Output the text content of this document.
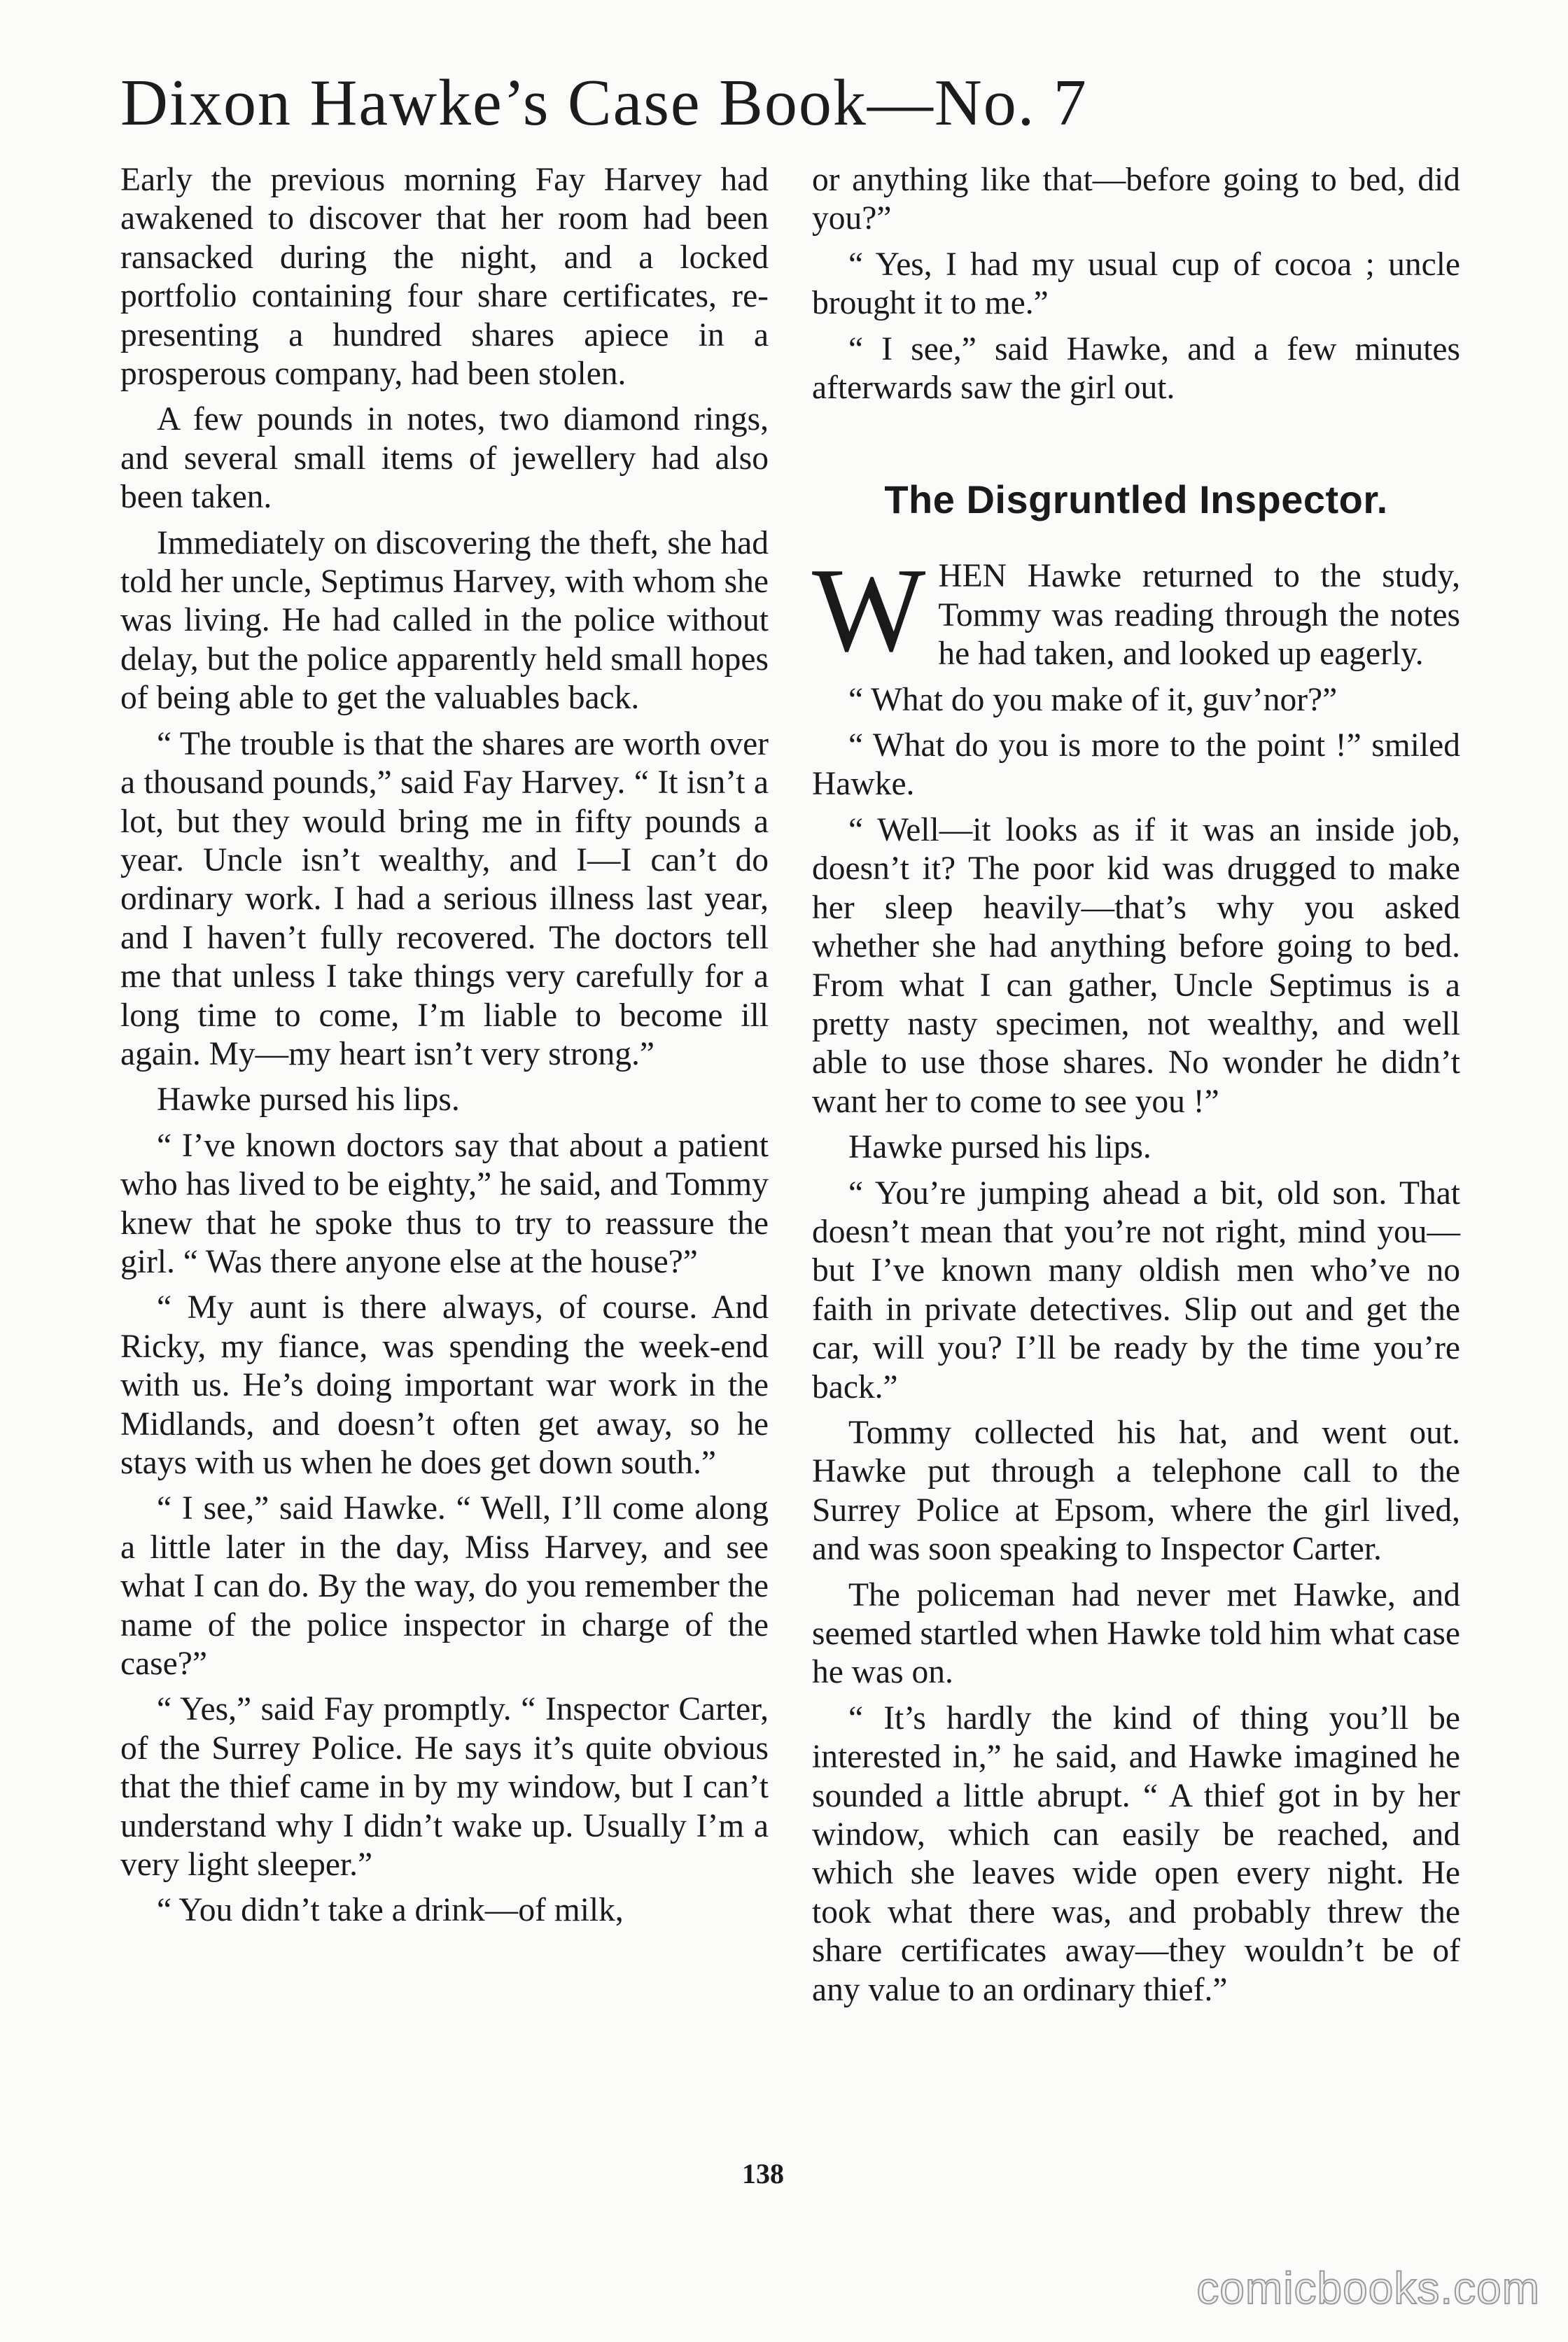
Dixon Hawke’s Case Book—No. 7

Early the previous morning Fay Harvey had awakened to discover that her room had been ransacked during the night, and a locked portfolio containing four share certificates, representing a hundred shares apiece in a prosperous company, had been stolen.

A few pounds in notes, two diamond rings, and several small items of jewellery had also been taken.

Immediately on discovering the theft, she had told her uncle, Septimus Harvey, with whom she was living. He had called in the police without delay, but the police apparently held small hopes of being able to get the valuables back.

“ The trouble is that the shares are worth over a thousand pounds,” said Fay Harvey. “ It isn’t a lot, but they would bring me in fifty pounds a year. Uncle isn’t wealthy, and I—I can’t do ordinary work. I had a serious illness last year, and I haven’t fully recovered. The doctors tell me that unless I take things very carefully for a long time to come, I’m liable to become ill again. My—my heart isn’t very strong.”

Hawke pursed his lips.

“ I’ve known doctors say that about a patient who has lived to be eighty,” he said, and Tommy knew that he spoke thus to try to reassure the girl. “ Was there anyone else at the house?”

“ My aunt is there always, of course. And Ricky, my fiance, was spending the week-end with us. He’s doing important war work in the Midlands, and doesn’t often get away, so he stays with us when he does get down south.”

“ I see,” said Hawke. “ Well, I’ll come along a little later in the day, Miss Harvey, and see what I can do. By the way, do you remember the name of the police inspector in charge of the case?”

“ Yes,” said Fay promptly. “ Inspector Carter, of the Surrey Police. He says it’s quite obvious that the thief came in by my window, but I can’t understand why I didn’t wake up. Usually I’m a very light sleeper.”

“ You didn’t take a drink—of milk,

or anything like that—before going to bed, did you?”

“ Yes, I had my usual cup of cocoa ; uncle brought it to me.”

“ I see,” said Hawke, and a few minutes afterwards saw the girl out.

The Disgruntled Inspector.

WHEN Hawke returned to the study, Tommy was reading through the notes he had taken, and looked up eagerly.

“ What do you make of it, guv’nor?”

“ What do you is more to the point !” smiled Hawke.

“ Well—it looks as if it was an inside job, doesn’t it? The poor kid was drugged to make her sleep heavily—that’s why you asked whether she had anything before going to bed. From what I can gather, Uncle Septimus is a pretty nasty specimen, not wealthy, and well able to use those shares. No wonder he didn’t want her to come to see you !”

Hawke pursed his lips.

“ You’re jumping ahead a bit, old son. That doesn’t mean that you’re not right, mind you—but I’ve known many oldish men who’ve no faith in private detectives. Slip out and get the car, will you? I’ll be ready by the time you’re back.”

Tommy collected his hat, and went out. Hawke put through a telephone call to the Surrey Police at Epsom, where the girl lived, and was soon speaking to Inspector Carter.

The policeman had never met Hawke, and seemed startled when Hawke told him what case he was on.

“ It’s hardly the kind of thing you’ll be interested in,” he said, and Hawke imagined he sounded a little abrupt. “ A thief got in by her window, which can easily be reached, and which she leaves wide open every night. He took what there was, and probably threw the share certificates away—they wouldn’t be of any value to an ordinary thief.”

138
comicbooks.com
